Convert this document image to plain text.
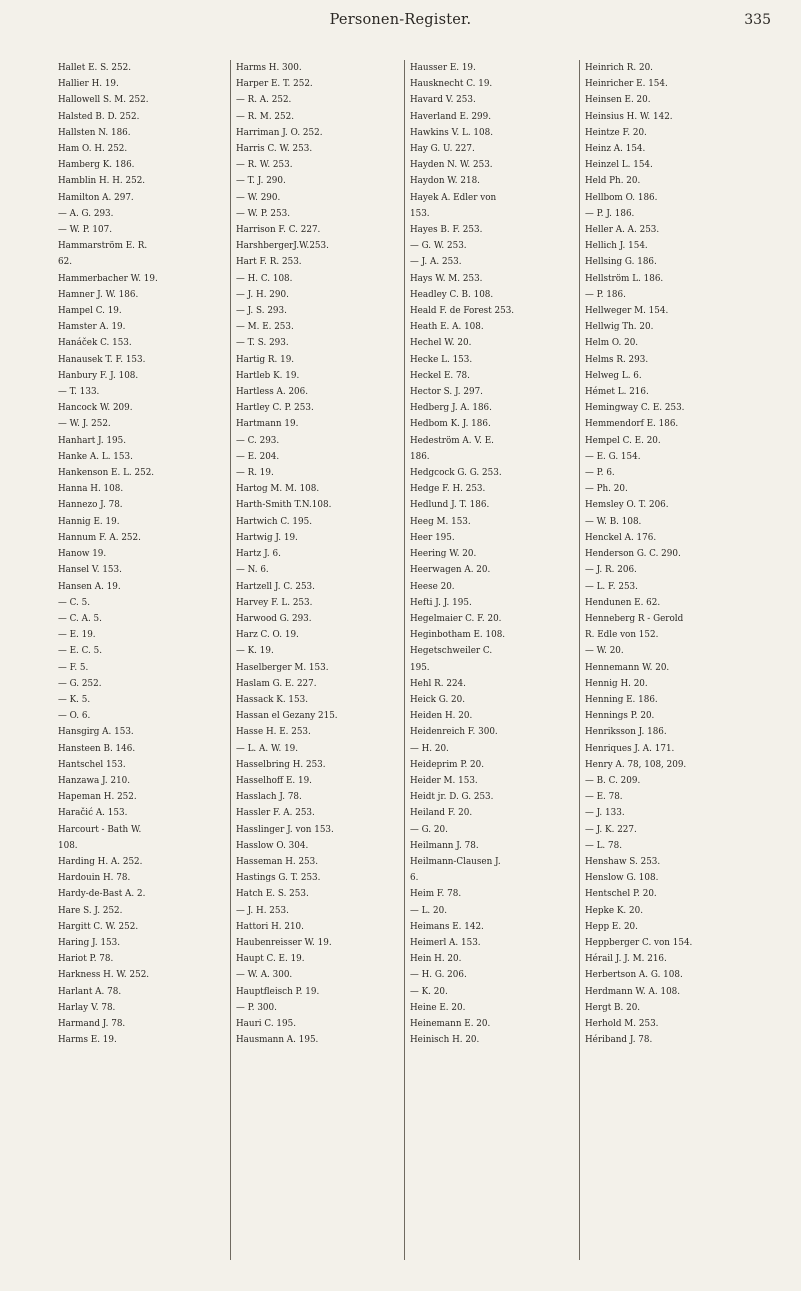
Personen-Register.	335
Hallet E. S. 252.
Hallier H. 19.
Hallowell S. M. 252.
Halsted B. D. 252.
Hallsten N. 186.
Ham O. H. 252.
Hamberg K. 186.
Hamblin H. H. 252.
Hamilton A. 297.
— A. G. 293.
— W. P. 107.
Hammarström E. R.
62.
Hammerbacher W. 19.
Hamner J. W. 186.
Hampel C. 19.
Hamster A. 19.
Hanáček C. 153.
Hanausek T. F. 153.
Hanbury F. J. 108.
— T. 133.
Hancock W. 209.
— W. J. 252.
Hanhart J. 195.
Hanke A. L. 153.
Hankenson E. L. 252.
Hanna H. 108.
Hannezo J. 78.
Hannig E. 19.
Hannum F. A. 252.
Hanow 19.
Hansel V. 153.
Hansen A. 19.
— C. 5.
— C. A. 5.
— E. 19.
— E. C. 5.
— F. 5.
— G. 252.
— K. 5.
— O. 6.
Hansgirg A. 153.
Hansteen B. 146.
Hantschel 153.
Hanzawa J. 210.
Hapeman H. 252.
Haračić A. 153.
Harcourt - Bath W.
108.
Harding H. A. 252.
Hardouin H. 78.
Hardy-de-Bast A. 2.
Hare S. J. 252.
Hargitt C. W. 252.
Haring J. 153.
Hariot P. 78.
Harkness H. W. 252.
Harlant A. 78.
Harlay V. 78.
Harmand J. 78.
Harms E. 19.
Harms H. 300.
Harper E. T. 252.
— R. A. 252.
— R. M. 252.
Harriman J. O. 252.
Harris C. W. 253.
— R. W. 253.
— T. J. 290.
— W. 290.
— W. P. 253.
Harrison F. C. 227.
HarshbergerJ.W.253.
Hart F. R. 253.
— H. C. 108.
— J. H. 290.
— J. S. 293.
— M. E. 253.
— T. S. 293.
Hartig R. 19.
Hartleb K. 19.
Hartless A. 206.
Hartley C. P. 253.
Hartmann 19.
— C. 293.
— E. 204.
— R. 19.
Hartog M. M. 108.
Harth-Smith T.N.108.
Hartwich C. 195.
Hartwig J. 19.
Hartz J. 6.
— N. 6.
Hartzell J. C. 253.
Harvey F. L. 253.
Harwood G. 293.
Harz C. O. 19.
— K. 19.
Haselberger M. 153.
Haslam G. E. 227.
Hassack K. 153.
Hassan el Gezany 215.
Hasse H. E. 253.
— L. A. W. 19.
Hasselbring H. 253.
Hasselhoff E. 19.
Hasslach J. 78.
Hassler F. A. 253.
Hasslinger J. von 153.
Hasslow O. 304.
Hasseman H. 253.
Hastings G. T. 253.
Hatch E. S. 253.
— J. H. 253.
Hattori H. 210.
Haubenreisser W. 19.
Haupt C. E. 19.
— W. A. 300.
Hauptfleisch P. 19.
— P. 300.
Hauri C. 195.
Hausmann A. 195.
Hausser E. 19.
Hausknecht C. 19.
Havard V. 253.
Haverland E. 299.
Hawkins V. L. 108.
Hay G. U. 227.
Hayden N. W. 253.
Haydon W. 218.
Hayek A. Edler von
153.
Hayes B. F. 253.
— G. W. 253.
— J. A. 253.
Hays W. M. 253.
Headley C. B. 108.
Heald F. de Forest 253.
Heath E. A. 108.
Hechel W. 20.
Hecke L. 153.
Heckel E. 78.
Hector S. J. 297.
Hedberg J. A. 186.
Hedbom K. J. 186.
Hedeström A. V. E.
186.
Hedgcock G. G. 253.
Hedge F. H. 253.
Hedlund J. T. 186.
Heeg M. 153.
Heer 195.
Heering W. 20.
Heerwagen A. 20.
Heese 20.
Hefti J. J. 195.
Hegelmaier C. F. 20.
Heginbotham E. 108.
Hegetschweiler C.
195.
Hehl R. 224.
Heick G. 20.
Heiden H. 20.
Heidenreich F. 300.
— H. 20.
Heideprim P. 20.
Heider M. 153.
Heidt jr. D. G. 253.
Heiland F. 20.
— G. 20.
Heilmann J. 78.
Heilmann-Clausen J.
6.
Heim F. 78.
— L. 20.
Heimans E. 142.
Heimerl A. 153.
Hein H. 20.
— H. G. 206.
— K. 20.
Heine E. 20.
Heinemann E. 20.
Heinisch H. 20.
Heinrich R. 20.
Heinricher E. 154.
Heinsen E. 20.
Heinsius H. W. 142.
Heintze F. 20.
Heinz A. 154.
Heinzel L. 154.
Held Ph. 20.
Hellbom O. 186.
— P. J. 186.
Heller A. A. 253.
Hellich J. 154.
Hellsing G. 186.
Hellström L. 186.
— P. 186.
Hellweger M. 154.
Hellwig Th. 20.
Helm O. 20.
Helms R. 293.
Helweg L. 6.
Hémet L. 216.
Hemingway C. E. 253.
Hemmendorf E. 186.
Hempel C. E. 20.
— E. G. 154.
— P. 6.
— Ph. 20.
Hemsley O. T. 206.
— W. B. 108.
Henckel A. 176.
Henderson G. C. 290.
— J. R. 206.
— L. F. 253.
Hendunen E. 62.
Henneberg R - Gerold
R. Edle von 152.
— W. 20.
Hennemann W. 20.
Hennig H. 20.
Henning E. 186.
Hennings P. 20.
Henriksson J. 186.
Henriques J. A. 171.
Henry A. 78, 108, 209.
— B. C. 209.
— E. 78.
— J. 133.
— J. K. 227.
— L. 78.
Henshaw S. 253.
Henslow G. 108.
Hentschel P. 20.
Hepke K. 20.
Hepp E. 20.
Heppberger C. von 154.
Hérail J. J. M. 216.
Herbertson A. G. 108.
Herdmann W. A. 108.
Hergt B. 20.
Herhold M. 253.
Hériband J. 78.
